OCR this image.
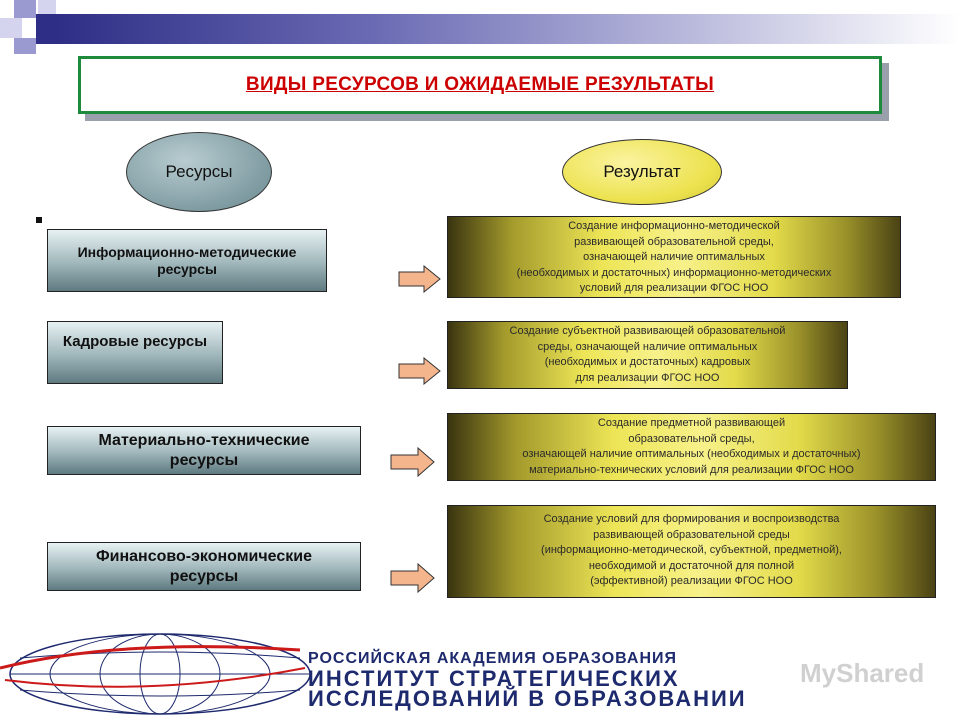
ВИДЫ РЕСУРСОВ И ОЖИДАЕМЫЕ РЕЗУЛЬТАТЫ
Ресурсы	Результат
Информационно-методические
ресурсы
Кадровые ресурсы
Материально-технические
ресурсы
Финансово-экономические
ресурсы
Создание информационно-методической
развивающей образовательной среды,
означающей наличие оптимальных
(необходимых и достаточных) информационно-методических
условий для реализации ФГОС НОО
Создание субъектной развивающей образовательной
среды, означающей наличие оптимальных
(необходимых и достаточных) кадровых
для реализации ФГОС НОО
Создание предметной развивающей
образовательной среды,
означающей наличие оптимальных (необходимых и достаточных)
материально-технических условий для реализации ФГОС НОО
Создание условий для формирования и воспроизводства
развивающей образовательной среды
(информационно-методической, субъектной, предметной),
необходимой и достаточной для полной
(эффективной) реализации ФГОС НОО
РОССИЙСКАЯ АКАДЕМИЯ ОБРАЗОВАНИЯ
ИНСТИТУТ СТРАТЕГИЧЕСКИХ
ИССЛЕДОВАНИЙ В ОБРАЗОВАНИИ
MyShared
